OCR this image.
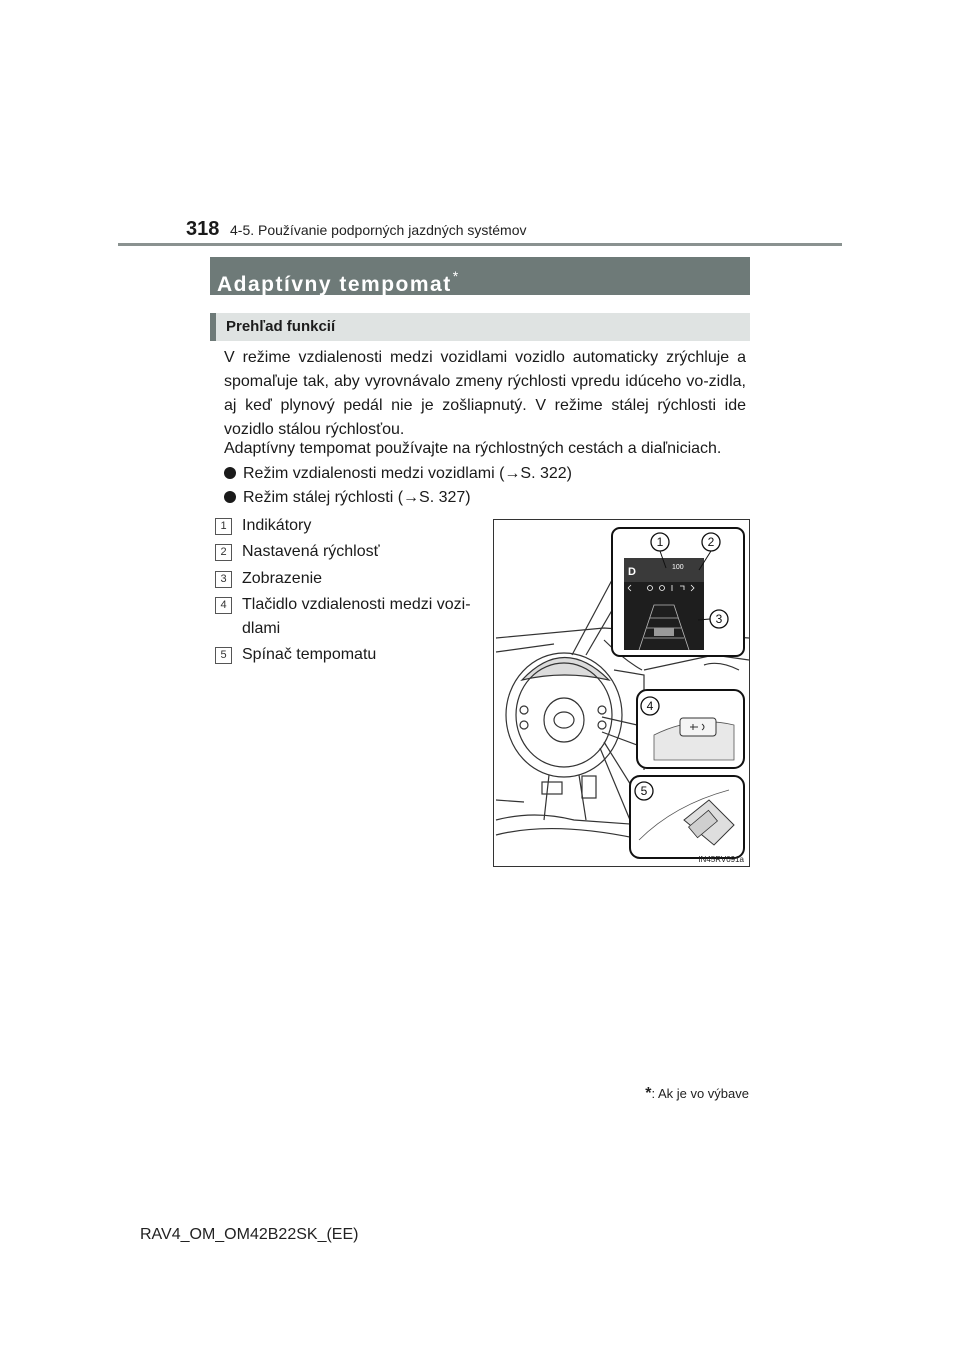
318 4-5. Používanie podporných jazdných systémov
Adaptívny tempomat*
Prehľad funkcií
V režime vzdialenosti medzi vozidlami vozidlo automaticky zrýchluje a spomaľuje tak, aby vyrovnávalo zmeny rýchlosti vpredu idúceho vo-zidla, aj keď plynový pedál nie je zošliapnutý. V režime stálej rýchlosti ide vozidlo stálou rýchlosťou.
Adaptívny tempomat používajte na rýchlostných cestách a diaľniciach.
Režim vzdialenosti medzi vozidlami (→S. 322)
Režim stálej rýchlosti (→S. 327)
1 Indikátory
2 Nastavená rýchlosť
3 Zobrazenie
4 Tlačidlo vzdialenosti medzi vozi-dlami
5 Spínač tempomatu
D	100
1	2
3
4
5
IN45RV091a
*: Ak je vo výbave
RAV4_OM_OM42B22SK_(EE)
